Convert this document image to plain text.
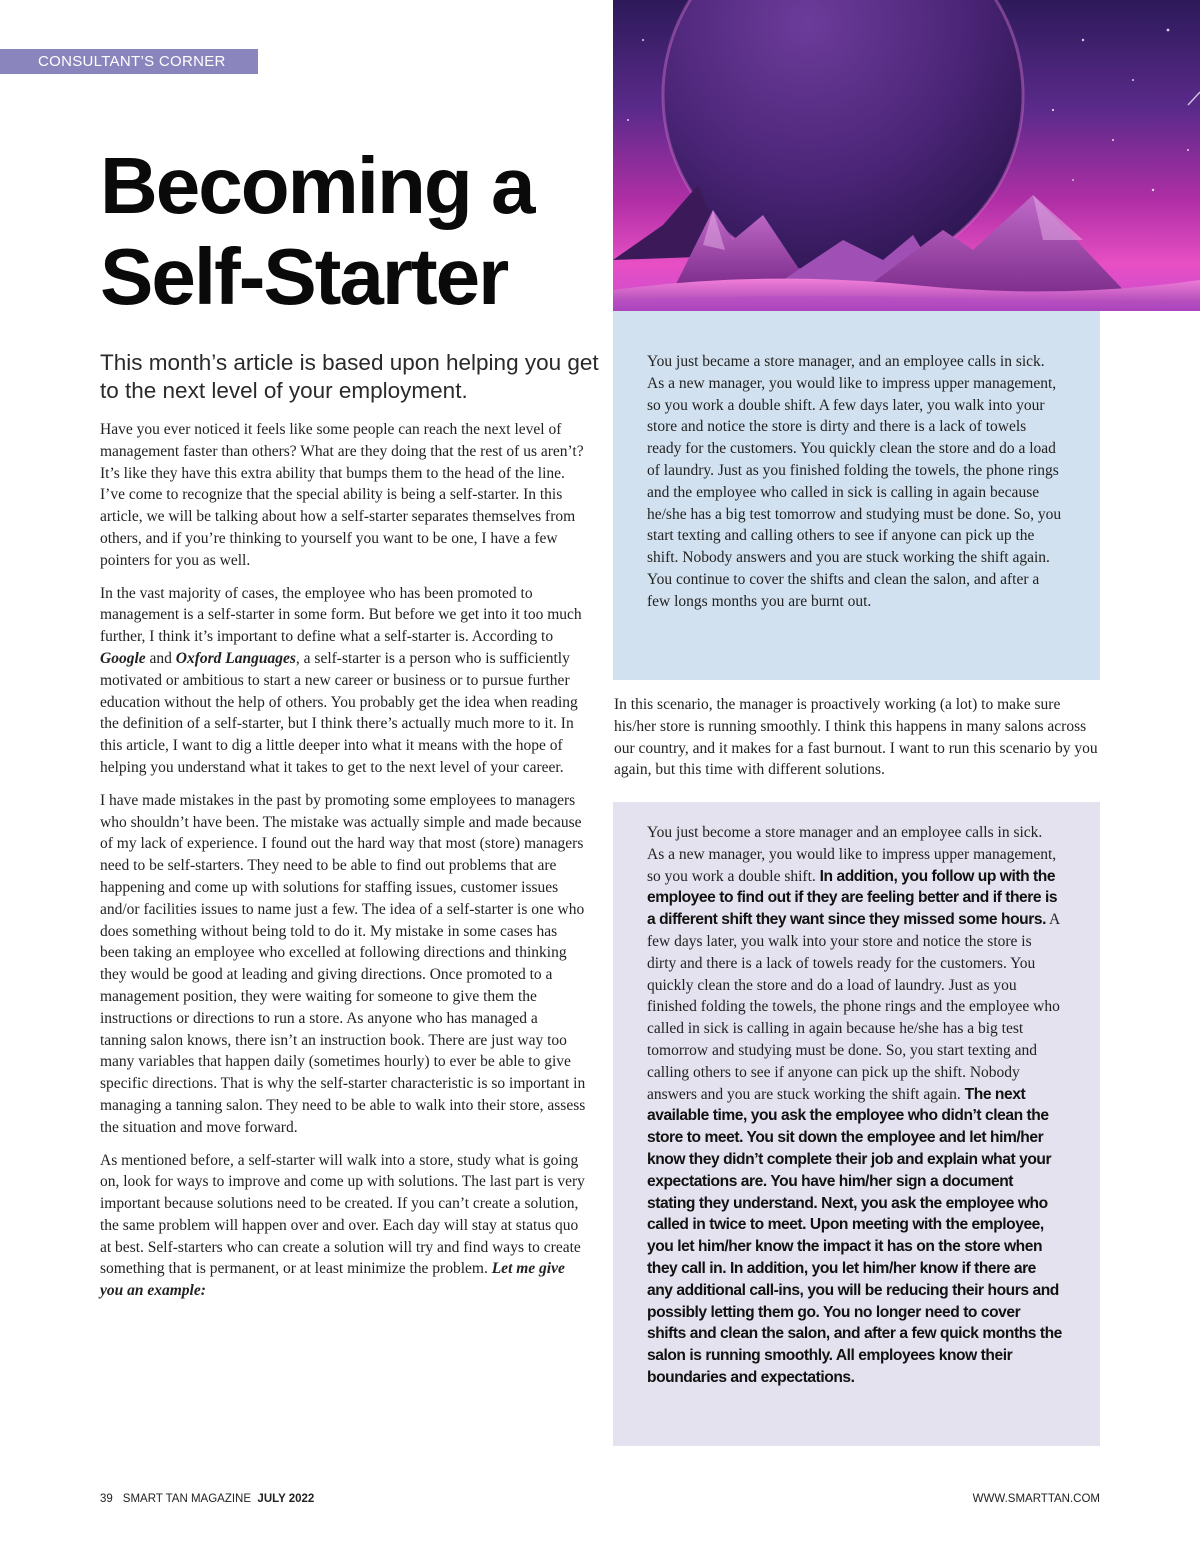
CONSULTANT’S CORNER
Becoming a
Self-Starter
This month’s article is based upon helping you get to the next level of your employment.

Have you ever noticed it feels like some people can reach the next level of management faster than others? What are they doing that the rest of us aren’t? It’s like they have this extra ability that bumps them to the head of the line. I’ve come to recognize that the special ability is being a self-starter. In this article, we will be talking about how a self-starter separates themselves from others, and if you’re thinking to yourself you want to be one, I have a few pointers for you as well.

In the vast majority of cases, the employee who has been promoted to management is a self-starter in some form. But before we get into it too much further, I think it’s important to define what a self-starter is. According to Google and Oxford Languages, a self-starter is a person who is sufficiently motivated or ambitious to start a new career or business or to pursue further education without the help of others. You probably get the idea when reading the definition of a self-starter, but I think there’s actually much more to it. In this article, I want to dig a little deeper into what it means with the hope of helping you understand what it takes to get to the next level of your career.

I have made mistakes in the past by promoting some employees to managers who shouldn’t have been. The mistake was actually simple and made because of my lack of experience. I found out the hard way that most (store) managers need to be self-starters. They need to be able to find out problems that are happening and come up with solutions for staffing issues, customer issues and/or facilities issues to name just a few. The idea of a self-starter is one who does something without being told to do it. My mistake in some cases has been taking an employee who excelled at following directions and thinking they would be good at leading and giving directions. Once promoted to a management position, they were waiting for someone to give them the instructions or directions to run a store. As anyone who has managed a tanning salon knows, there isn’t an instruction book. There are just way too many variables that happen daily (sometimes hourly) to ever be able to give specific directions. That is why the self-starter characteristic is so important in managing a tanning salon. They need to be able to walk into their store, assess the situation and move forward.

As mentioned before, a self-starter will walk into a store, study what is going on, look for ways to improve and come up with solutions. The last part is very important because solutions need to be created. If you can’t create a solution, the same problem will happen over and over. Each day will stay at status quo at best. Self-starters who can create a solution will try and find ways to create something that is permanent, or at least minimize the problem. Let me give you an example:

You just became a store manager, and an employee calls in sick. As a new manager, you would like to impress upper management, so you work a double shift. A few days later, you walk into your store and notice the store is dirty and there is a lack of towels ready for the customers. You quickly clean the store and do a load of laundry. Just as you finished folding the towels, the phone rings and the employee who called in sick is calling in again because he/she has a big test tomorrow and studying must be done. So, you start texting and calling others to see if anyone can pick up the shift. Nobody answers and you are stuck working the shift again. You continue to cover the shifts and clean the salon, and after a few longs months you are burnt out.

In this scenario, the manager is proactively working (a lot) to make sure his/her store is running smoothly. I think this happens in many salons across our country, and it makes for a fast burnout. I want to run this scenario by you again, but this time with different solutions.

You just become a store manager and an employee calls in sick. As a new manager, you would like to impress upper management, so you work a double shift. In addition, you follow up with the employee to find out if they are feeling better and if there is a different shift they want since they missed some hours. A few days later, you walk into your store and notice the store is dirty and there is a lack of towels ready for the customers. You quickly clean the store and do a load of laundry. Just as you finished folding the towels, the phone rings and the employee who called in sick is calling in again because he/she has a big test tomorrow and studying must be done. So, you start texting and calling others to see if anyone can pick up the shift. Nobody answers and you are stuck working the shift again. The next available time, you ask the employee who didn’t clean the store to meet. You sit down the employee and let him/her know they didn’t complete their job and explain what your expectations are. You have him/her sign a document stating they understand. Next, you ask the employee who called in twice to meet. Upon meeting with the employee, you let him/her know the impact it has on the store when they call in. In addition, you let him/her know if there are any additional call-ins, you will be reducing their hours and possibly letting them go. You no longer need to cover shifts and clean the salon, and after a few quick months the salon is running smoothly. All employees know their boundaries and expectations.

39 SMART TAN MAGAZINE JULY 2022	WWW.SMARTTAN.COM
